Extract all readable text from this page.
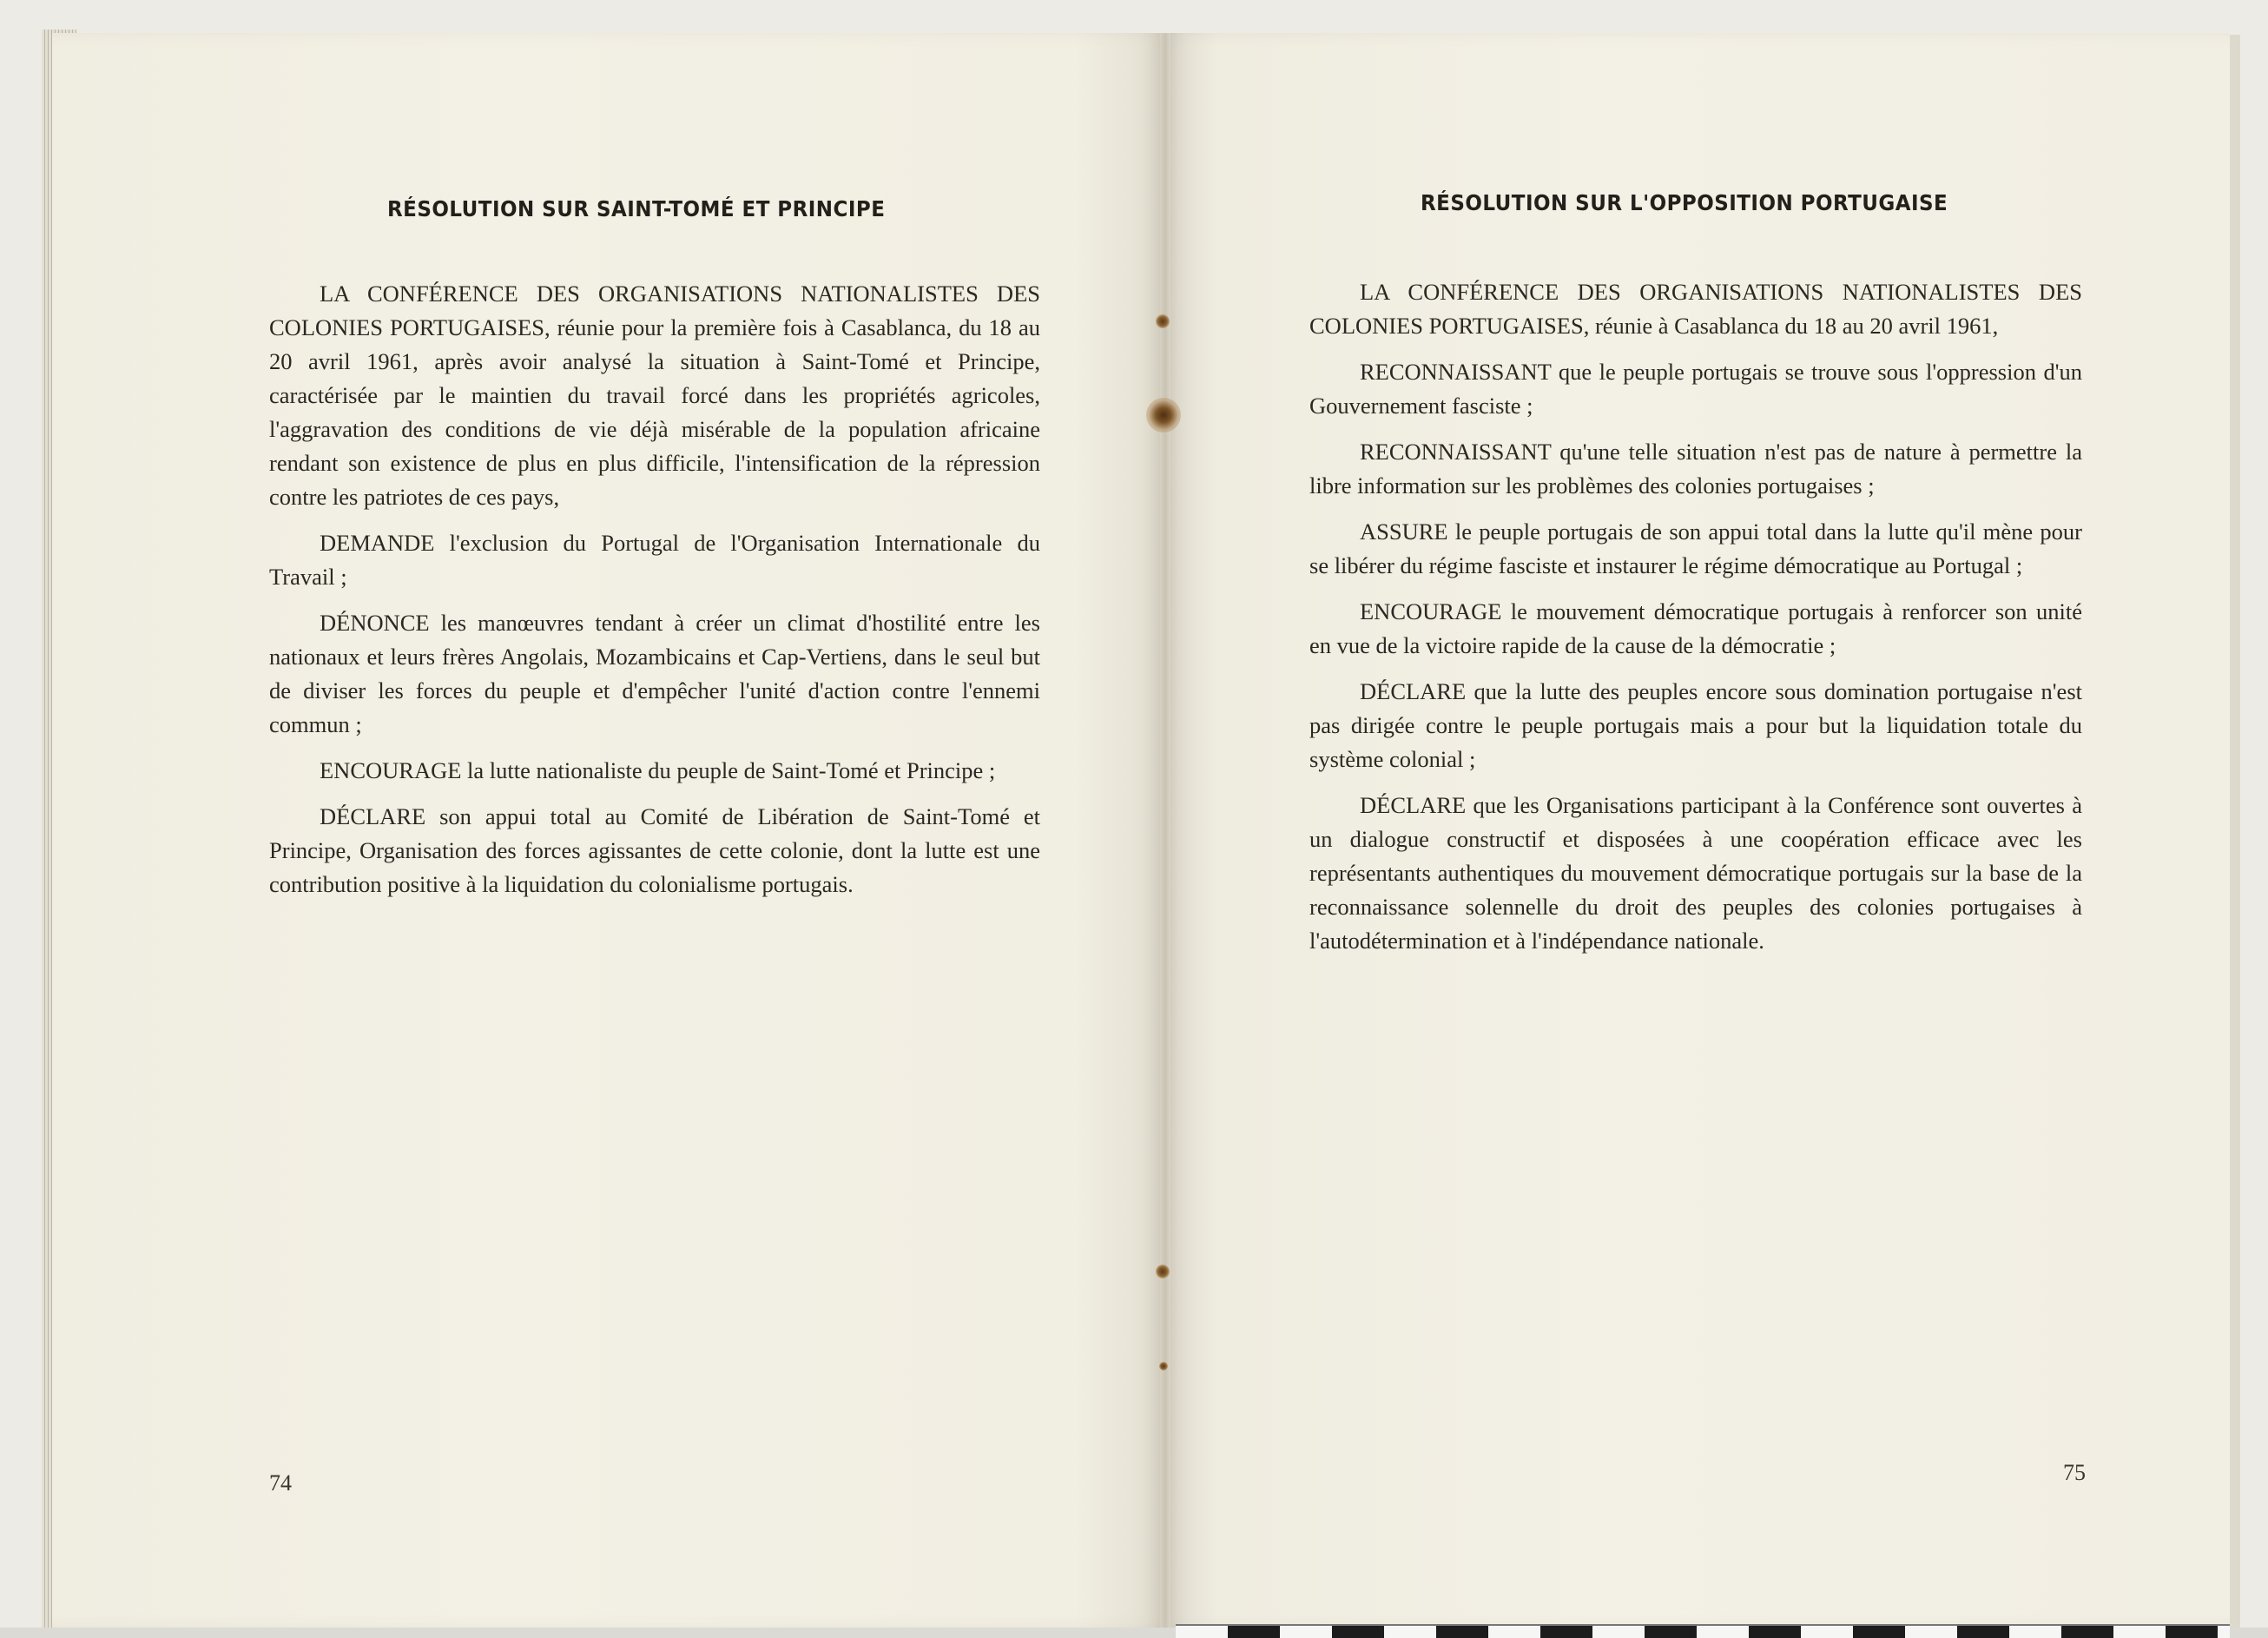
RÉSOLUTION SUR SAINT-TOMÉ ET PRINCIPE

LA CONFÉRENCE DES ORGANISATIONS NATIONALISTES DES COLONIES PORTUGAISES, réunie pour la première fois à Casablanca, du 18 au 20 avril 1961, après avoir analysé la situation à Saint-Tomé et Principe, caractérisée par le maintien du travail forcé dans les propriétés agricoles, l'aggravation des conditions de vie déjà misérable de la population africaine rendant son existence de plus en plus difficile, l'intensification de la répression contre les patriotes de ces pays,

DEMANDE l'exclusion du Portugal de l'Organisation Internationale du Travail ;

DÉNONCE les manœuvres tendant à créer un climat d'hostilité entre les nationaux et leurs frères Angolais, Mozambicains et Cap-Vertiens, dans le seul but de diviser les forces du peuple et d'empêcher l'unité d'action contre l'ennemi commun ;

ENCOURAGE la lutte nationaliste du peuple de Saint-Tomé et Principe ;

DÉCLARE son appui total au Comité de Libération de Saint-Tomé et Principe, Organisation des forces agissantes de cette colonie, dont la lutte est une contribution positive à la liquidation du colonialisme portugais.

74
RÉSOLUTION SUR L'OPPOSITION PORTUGAISE

LA CONFÉRENCE DES ORGANISATIONS NATIONALISTES DES COLONIES PORTUGAISES, réunie à Casablanca du 18 au 20 avril 1961,

RECONNAISSANT que le peuple portugais se trouve sous l'oppression d'un Gouvernement fasciste ;

RECONNAISSANT qu'une telle situation n'est pas de nature à permettre la libre information sur les problèmes des colonies portugaises ;

ASSURE le peuple portugais de son appui total dans la lutte qu'il mène pour se libérer du régime fasciste et instaurer le régime démocratique au Portugal ;

ENCOURAGE le mouvement démocratique portugais à renforcer son unité en vue de la victoire rapide de la cause de la démocratie ;

DÉCLARE que la lutte des peuples encore sous domination portugaise n'est pas dirigée contre le peuple portugais mais a pour but la liquidation totale du système colonial ;

DÉCLARE que les Organisations participant à la Conférence sont ouvertes à un dialogue constructif et disposées à une coopération efficace avec les représentants authentiques du mouvement démocratique portugais sur la base de la reconnaissance solennelle du droit des peuples des colonies portugaises à l'autodétermination et à l'indépendance nationale.

75
